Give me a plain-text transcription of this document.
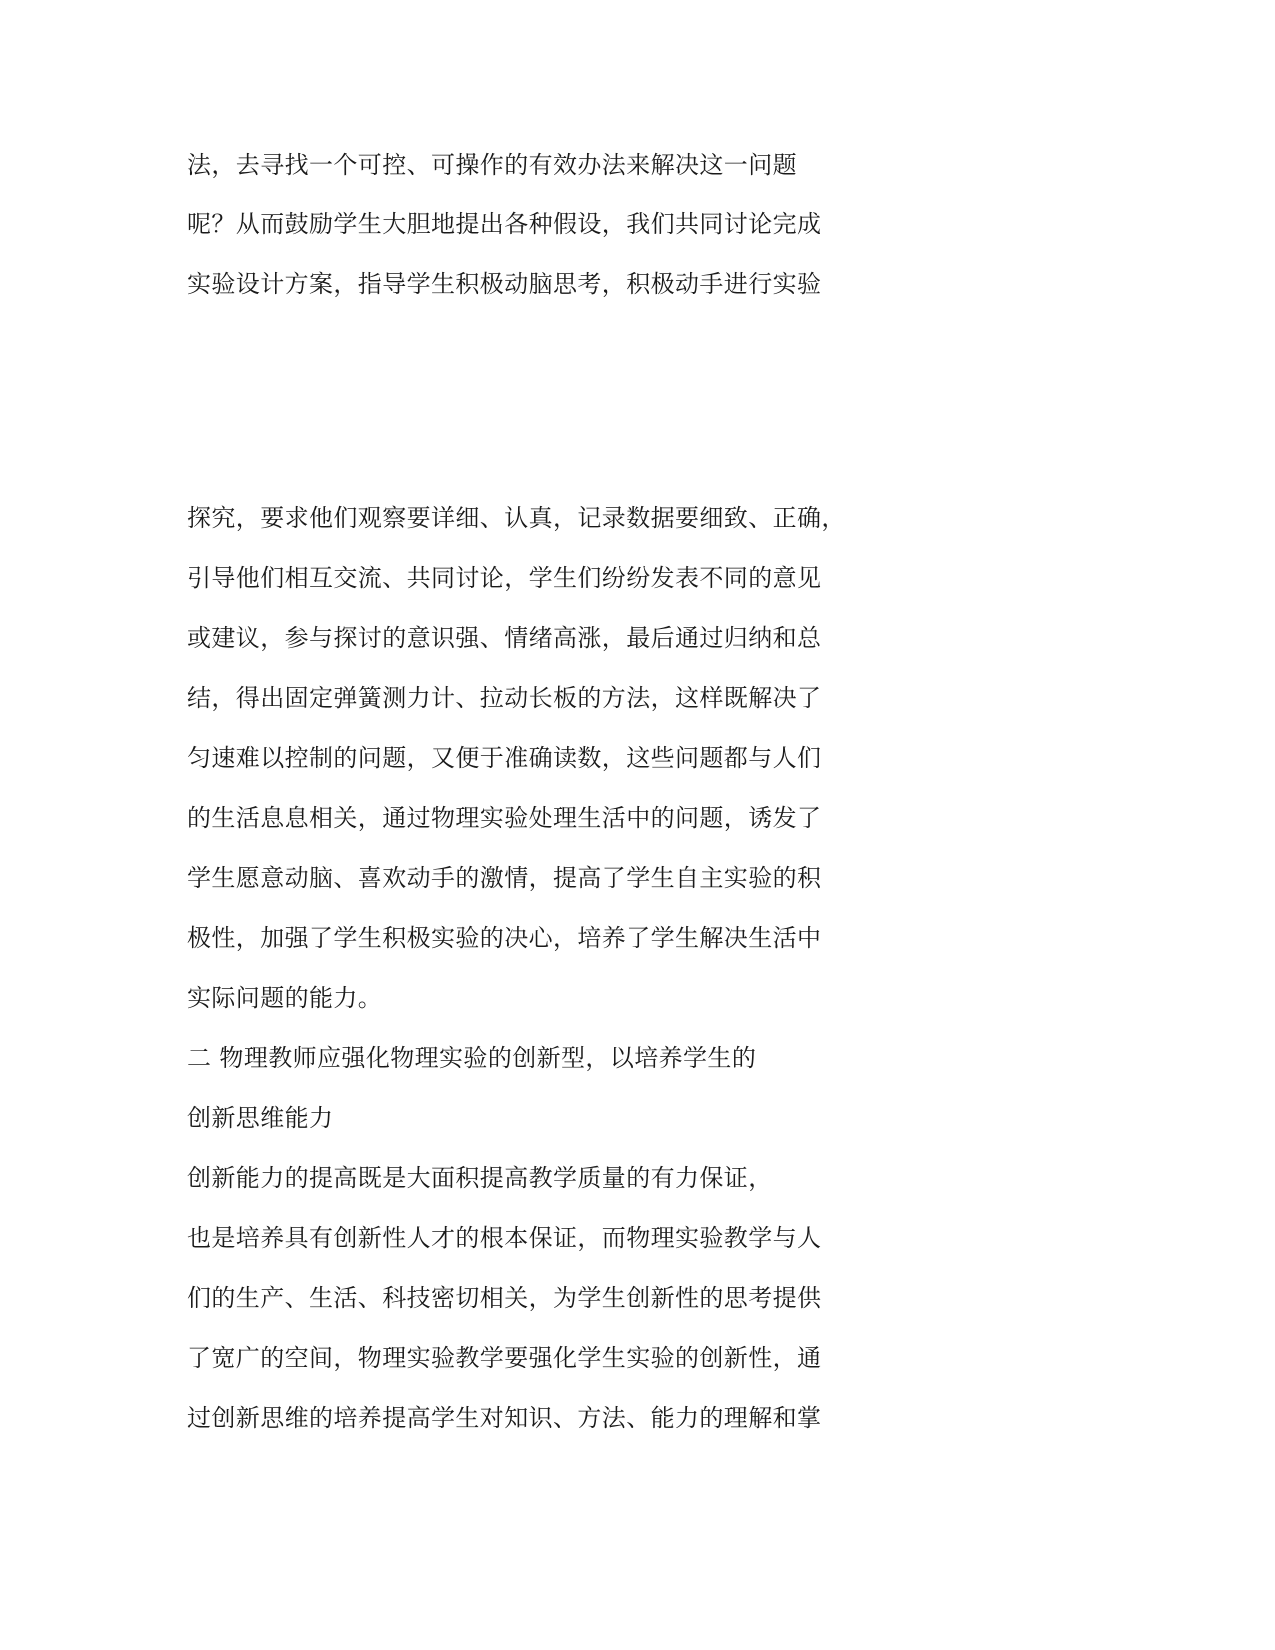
法，去寻找一个可控、可操作的有效办法来解决这一问题
呢？从而鼓励学生大胆地提出各种假设，我们共同讨论完成
实验设计方案，指导学生积极动脑思考，积极动手进行实验
探究，要求他们观察要详细、认真，记录数据要细致、正确，
引导他们相互交流、共同讨论，学生们纷纷发表不同的意见
或建议，参与探讨的意识强、情绪高涨，最后通过归纳和总
结，得出固定弹簧测力计、拉动长板的方法，这样既解决了
匀速难以控制的问题，又便于准确读数，这些问题都与人们
的生活息息相关，通过物理实验处理生活中的问题，诱发了
学生愿意动脑、喜欢动手的激情，提高了学生自主实验的积
极性，加强了学生积极实验的决心，培养了学生解决生活中
实际问题的能力。
二 物理教师应强化物理实验的创新型，以培养学生的
创新思维能力
创新能力的提高既是大面积提高教学质量的有力保证，
也是培养具有创新性人才的根本保证，而物理实验教学与人
们的生产、生活、科技密切相关，为学生创新性的思考提供
了宽广的空间，物理实验教学要强化学生实验的创新性，通
过创新思维的培养提高学生对知识、方法、能力的理解和掌
